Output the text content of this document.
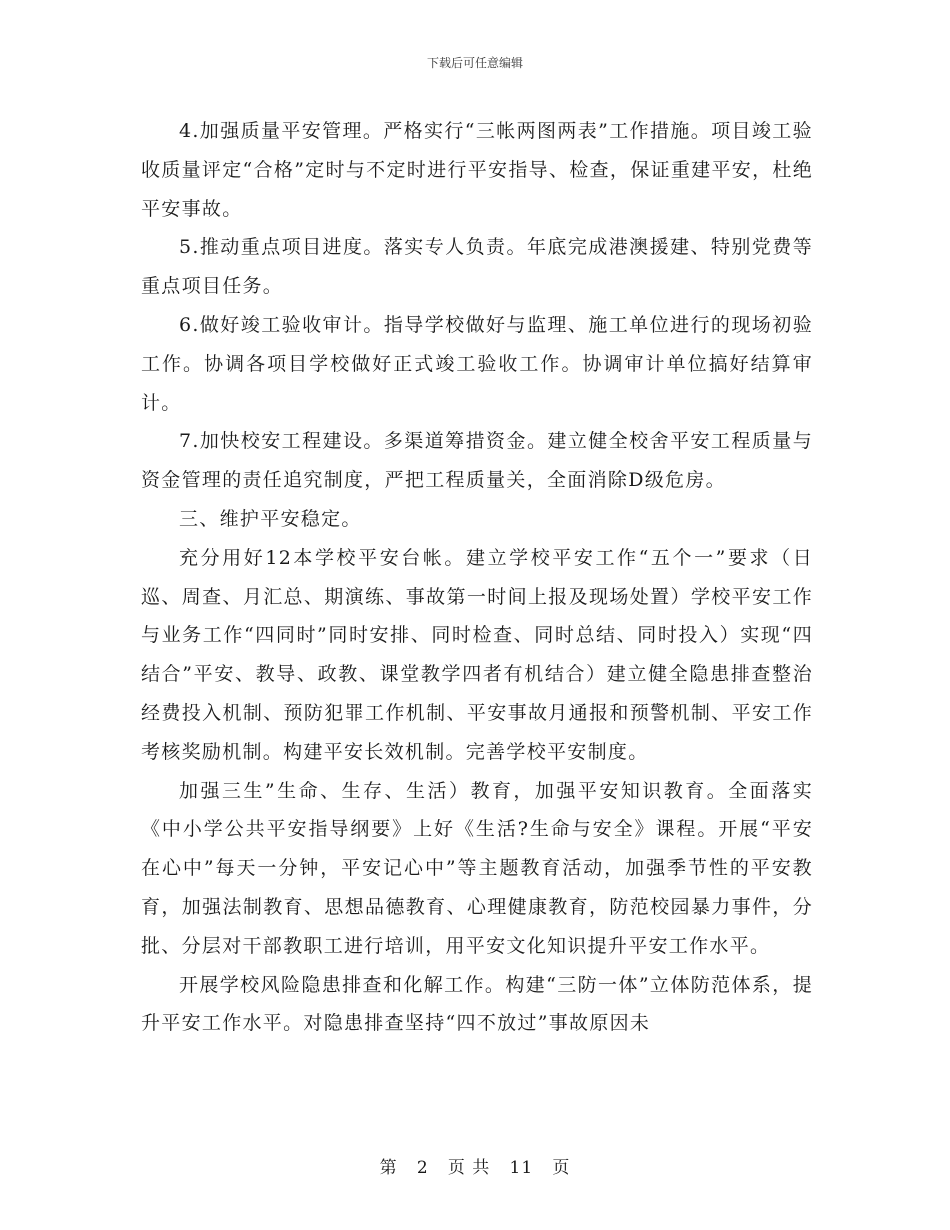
下载后可任意编辑

4.加强质量平安管理。严格实行“三帐两图两表”工作措施。项目竣工验收质量评定“合格”定时与不定时进行平安指导、检查，保证重建平安，杜绝平安事故。

5.推动重点项目进度。落实专人负责。年底完成港澳援建、特别党费等重点项目任务。

6.做好竣工验收审计。指导学校做好与监理、施工单位进行的现场初验工作。协调各项目学校做好正式竣工验收工作。协调审计单位搞好结算审计。

7.加快校安工程建设。多渠道筹措资金。建立健全校舍平安工程质量与资金管理的责任追究制度，严把工程质量关，全面消除D级危房。

三、维护平安稳定。

充分用好12本学校平安台帐。建立学校平安工作“五个一”要求（日巡、周查、月汇总、期演练、事故第一时间上报及现场处置）学校平安工作与业务工作“四同时”同时安排、同时检查、同时总结、同时投入）实现“四结合”平安、教导、政教、课堂教学四者有机结合）建立健全隐患排查整治经费投入机制、预防犯罪工作机制、平安事故月通报和预警机制、平安工作考核奖励机制。构建平安长效机制。完善学校平安制度。

加强三生”生命、生存、生活）教育，加强平安知识教育。全面落实《中小学公共平安指导纲要》上好《生活?生命与安全》课程。开展“平安在心中”每天一分钟，平安记心中”等主题教育活动，加强季节性的平安教育，加强法制教育、思想品德教育、心理健康教育，防范校园暴力事件，分批、分层对干部教职工进行培训，用平安文化知识提升平安工作水平。

开展学校风险隐患排查和化解工作。构建“三防一体”立体防范体系，提升平安工作水平。对隐患排查坚持“四不放过”事故原因未

第 2 页 共 11 页
